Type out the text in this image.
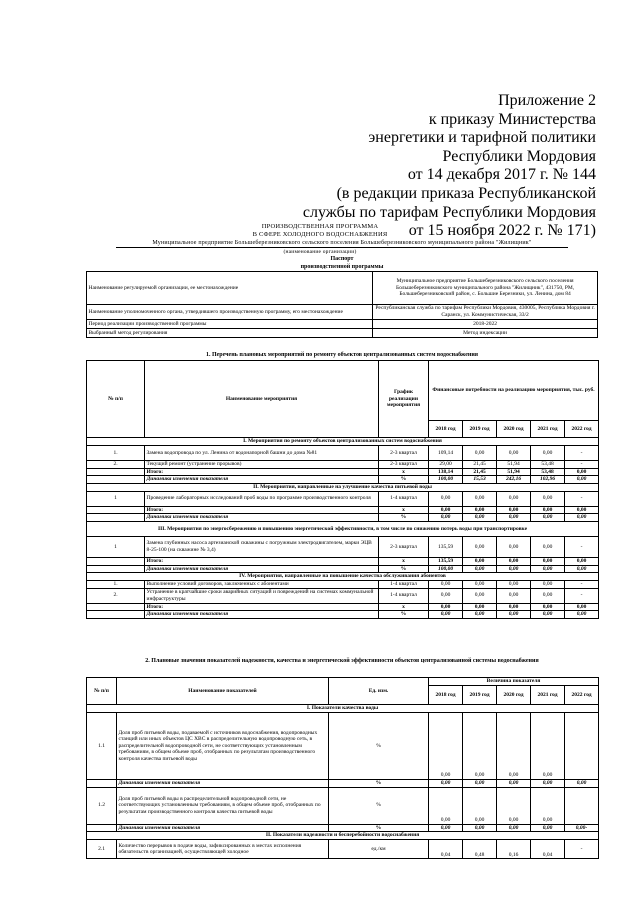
Приложение 2
к приказу Министерства
энергетики и тарифной политики
Республики Мордовия
от 14 декабря 2017 г. № 144
(в редакции приказа Республиканской
службы по тарифам Республики Мордовия
от 15 ноября 2022 г. № 171)
ПРОИЗВОДСТВЕННАЯ ПРОГРАММА
В СФЕРЕ ХОЛОДНОГО ВОДОСНАБЖЕНИЯ
Муниципальное предприятие Большеберезниковского сельского поселения Большеберезниковского муниципального района "Жилищник"
(наименование организации)
Паспорт
производственной программы
Наименование регулируемой организации, ее местонахождение	Муниципальное предприятие Большеберезниковского сельского поселения Большеберезниковского муниципального района "Жилищник", 431750, РМ, Большеберезниковский район, с. Большие Березники, ул. Ленина, дом 84
Наименование уполномоченного органа, утвердившего производственную программу, его местонахождение	Республиканская служба по тарифам Республики Мордовия, 430005, Республика Мордовия г. Саранск, ул. Коммунистическая, 33/2
Период реализации производственной программы	2018-2022
Выбранный метод регулирования	Метод индексации
1. Перечень плановых мероприятий по ремонту объектов централизованных систем водоснабжения
№ п/п	Наименование мероприятия	График реализации мероприятия	Финансовые потребности на реализацию мероприятия, тыс. руб.				
			2018 год	2019 год	2020 год	2021 год	2022 год
I. Мероприятия по ремонту объектов централизованных систем водоснабжения							
1.	Замена водопровода по ул. Ленина от водонапорной башни до дома №81	2-3 квартал	109,14	0,00	0,00	0,00	-
2.	Текущий ремонт (устранение прорывов)	2-3 квартал	29,00	21,45	51,94	53,48	-
	Итого:	х	138,14	21,45	51,94	53,48	0,00
	Динамика изменения показателя	%	100,00	15,53	242,16	102,96	0,00
II. Мероприятия, направленные на улучшение качества питьевой воды							
1	Проведение лабораторных исследований проб воды по программе производственного контроля	1-4 квартал	0,00	0,00	0,00	0,00	-
	Итого:	х	0,00	0,00	0,00	0,00	0,00
	Динамика изменения показателя	%	0,00	0,00	0,00	0,00	0,00
III. Мероприятия по энергосбережению и повышению энергетической эффективности, в том числе по снижению потерь воды при транспортировке							
1	Замена глубинных насоса артезианской скважины с погружным электродвигателем, марки ЭЦВ 8-25-100 (на скважине № 3,4)	2-3 квартал	135,59	0,00	0,00	0,00	-
	Итого:	х	135,59	0,00	0,00	0,00	0,00
	Динамика изменения показателя	%	100,00	0,00	0,00	0,00	0,00
IV. Мероприятия, направленные на повышение качества обслуживания абонентов							
1.	Выполнение условий договоров, заключенных с абонентами	1-4 квартал	0,00	0,00	0,00	0,00	-
2.	Устранение в кратчайшие сроки аварийных ситуаций и повреждений на системах коммунальной инфраструктуры	1-4 квартал	0,00	0,00	0,00	0,00	-
	Итого:	х	0,00	0,00	0,00	0,00	0,00
	Динамика изменения показателя	%	0,00	0,00	0,00	0,00	0,00
2. Плановые значения показателей надежности, качества и энергетической эффективности объектов централизованной системы водоснабжения
№ п/п	Наименование показателей	Ед. изм.	Величина показателя				
			2018 год	2019 год	2020 год	2021 год	2022 год
I. Показатели качества воды							
1.1	Доля проб питьевой воды, подаваемой с источников водоснабжения, водопроводных станций или иных объектов ЦС ХВС в распределительную водопроводную сеть, в распределительной водопроводной сети, не соответствующих установленным требованиям, в общем объеме проб, отобранных по результатам производственного контроля качества питьевой воды	%	0,00	0,00	0,00	0,00	
	Динамика изменения показателя	%	0,00	0,00	0,00	0,00	0,00
1.2	Доля проб питьевой воды в распределительной водопроводной сети, не соответствующих установленным требованиям, в общем объеме проб, отобранных по результатам производственного контроля качества питьевой воды	%	0,00	0,00	0,00	0,00	
	Динамика изменения показателя	%	0,00	0,00	0,00	0,00	0,00-
II. Показатели надежности и бесперебойности водоснабжения							
2.1	Количество перерывов в подаче воды, зафиксированных в местах исполнения обязательств организацией, осуществляющей холодное	ед./км	0,04	0,48	0,16	0,04	-
